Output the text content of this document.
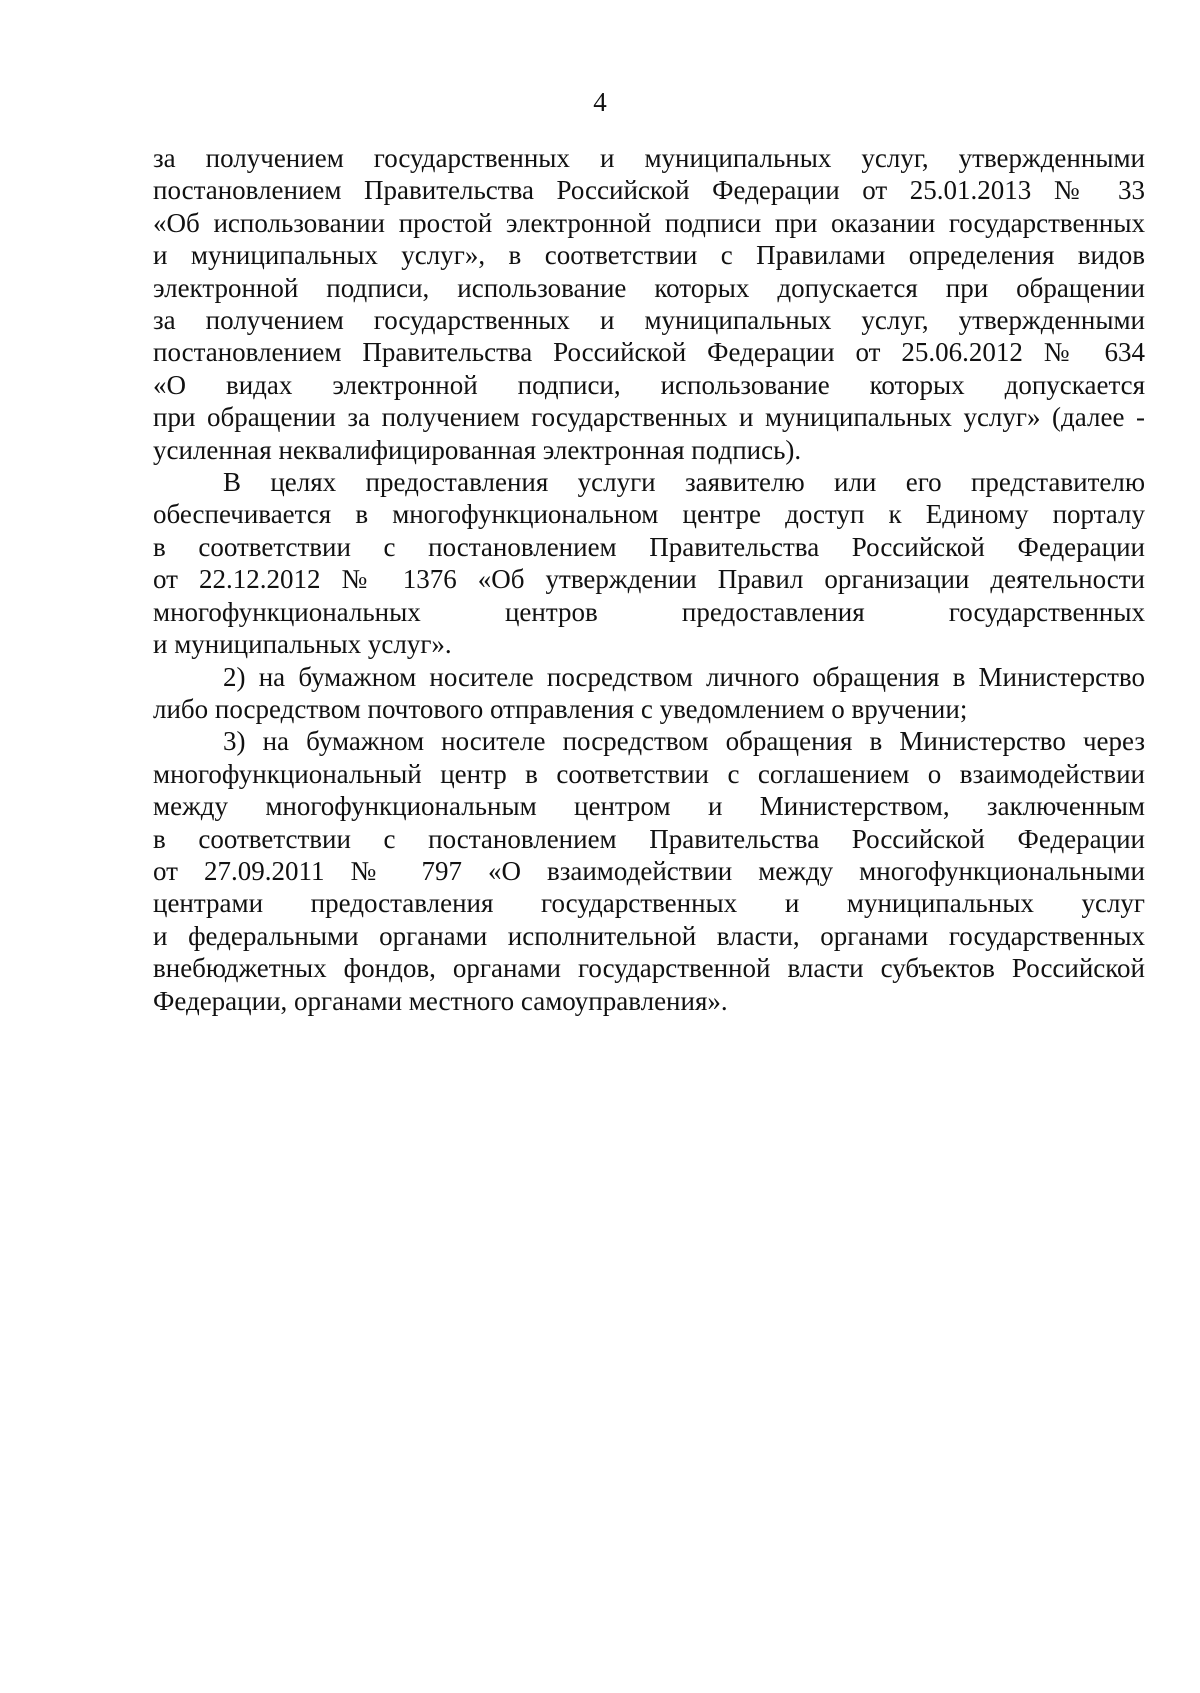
4
за получением государственных и муниципальных услуг, утвержденными
постановлением Правительства Российской Федерации от 25.01.2013 № 33
«Об использовании простой электронной подписи при оказании государственных
и муниципальных услуг», в соответствии с Правилами определения видов
электронной подписи, использование которых допускается при обращении
за получением государственных и муниципальных услуг, утвержденными
постановлением Правительства Российской Федерации от 25.06.2012 № 634
«О видах электронной подписи, использование которых допускается
при обращении за получением государственных и муниципальных услуг» (далее -
усиленная неквалифицированная электронная подпись).
В целях предоставления услуги заявителю или его представителю
обеспечивается в многофункциональном центре доступ к Единому порталу
в соответствии с постановлением Правительства Российской Федерации
от 22.12.2012 № 1376 «Об утверждении Правил организации деятельности
многофункциональных центров предоставления государственных
и муниципальных услуг».
2) на бумажном носителе посредством личного обращения в Министерство
либо посредством почтового отправления с уведомлением о вручении;
3) на бумажном носителе посредством обращения в Министерство через
многофункциональный центр в соответствии с соглашением о взаимодействии
между многофункциональным центром и Министерством, заключенным
в соответствии с постановлением Правительства Российской Федерации
от 27.09.2011 № 797 «О взаимодействии между многофункциональными
центрами предоставления государственных и муниципальных услуг
и федеральными органами исполнительной власти, органами государственных
внебюджетных фондов, органами государственной власти субъектов Российской
Федерации, органами местного самоуправления».
